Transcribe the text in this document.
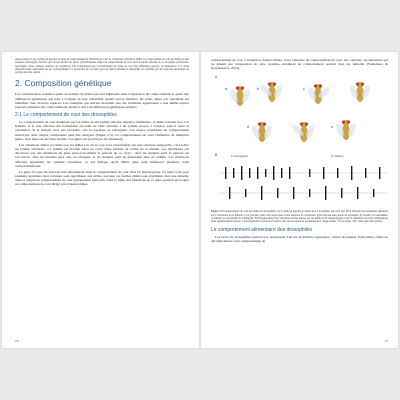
Autres études, il est possible de mesurer la taille du comportement de l'individu au cours de l'expérience (Dickson 2008). Le comportement de cour des mâles est une séquence stéréotypée d'actions qui ont été décrites en détail. (A) Différentes étapes du comportement de cour dans la parade sexuelle de la drosophile (orientation, tapotement, chant, léchage, tentative de copulation). (B) Comparaison des caractéristiques du chant de cour chez différentes espèces, les impulsions et le chant sinusoïdal étant représentés sur les oscillogrammes. La production de ces deux types de chant (pulsatile et sinusoïdal) est contrôlée par des neurones spécifiques du système nerveux central.

2. Composition génétique

Les connaissances actuelles quant au nombre de gènes qui sont impliqués dans l'expression du comportement et quant aux différences génétiques qui sont à l'origine de leur variabilité restent encore limitées. De telles gènes ont cependant été identifiés chez diverses espèces. Les exemples qui suivent montrent que des individus appartenant à une même espèce peuvent présenter des comportements distincts dus à de différences génétiques simples.

2.1 Le comportement de cour des drosophiles

Le comportement de cour manifesté par les mâles de drosophile suit une séquence immuable : le mâle s'oriente face à la femelle, il la suit, effectue des battements saccadés de l'aile vibrante à un rythme propre à l'espèce, puis il tente la copulation. Si la femelle n'est pas réceptive, elle le repousse en s'éloignant. Ces étapes constituent un comportement stéréotypé dont chaque composante peut être analysée (Figure 2.5). Ce comportement est sous l'influence de multiples gènes, dont deux ont été bien étudiés : les gènes per (period) et fru (fruitless).

Les vibrations alaires produites par les mâles lors de la cour sont caractérisées par une structure temporelle, c'est-à-dire un rythme vibratoire. Ce rythme est modulé selon un cycle d'une période de l'ordre de la minute. Les chercheurs ont découvert que des mutations du gène period modifient la période de ce cycle : chez les mutants perS la période est raccourcie, chez les mutants perL elle est allongée, et les mutants per0 ne présentent plus de rythme. Ces mutations affectent également les rythmes circadiens, ce qui indique qu'un même gène peut influencer plusieurs traits comportementaux.

Le gène fru joue lui aussi un rôle déterminant dans le comportement de cour chez D. melanogaster. Ce gène code pour plusieurs protéines dont certaines sont spécifiques aux mâles. Lorsque ces formes mâles sont exprimées chez une femelle, celle-ci adopte un comportement de cour typiquement masculin. Chez le mâle, des mutations de ce gène peuvent provoquer un comportement de cour dirigé vers d'autres mâles.

10

comportement de cour à l'attention d'autres mâles, voire l'absence de comportement de cour. Au contraire, les mutations qui ne gênent pas l'expression de cette protéine entraînent un comportement normal chez les femelles (Yamamoto & Koganezawa, 2013).

A
a	b	c
d	e
B	D. melanogaster	D. simulans

Figure 2.5 Comportement de cour des mâles de drosophiles. A) La mâle (à gauche) s'oriente face à la femelle, puis il la suit. B) Il effectue des battements pulsatiles avec l'extension de la femelle. C) Il procède à une cour rapprochée et une tentative de copulation. D) Il effectue une parade de la femelle. E) Il tente l'accouplement, la femelle est susceptible de s'échapper. B) Enregistrement des vibrations alaires émises par les mâles de D. melanogaster et de D. simulans, les trains d'impulsions étant régulièrement espacés. Cette régularité est propre à l'espèce, elle sert de signal de reconnaissance. Vingt chants : 19 secondes ; IPI : intervalle inter-pulses.

Le comportement alimentaire des drosophiles

Les larves de drosophiles (asticots) se nourrissent d'un tas de déchets organiques : débris de plantes, fruits mûrs, chairs en décomposition. Leur comportement de

11
